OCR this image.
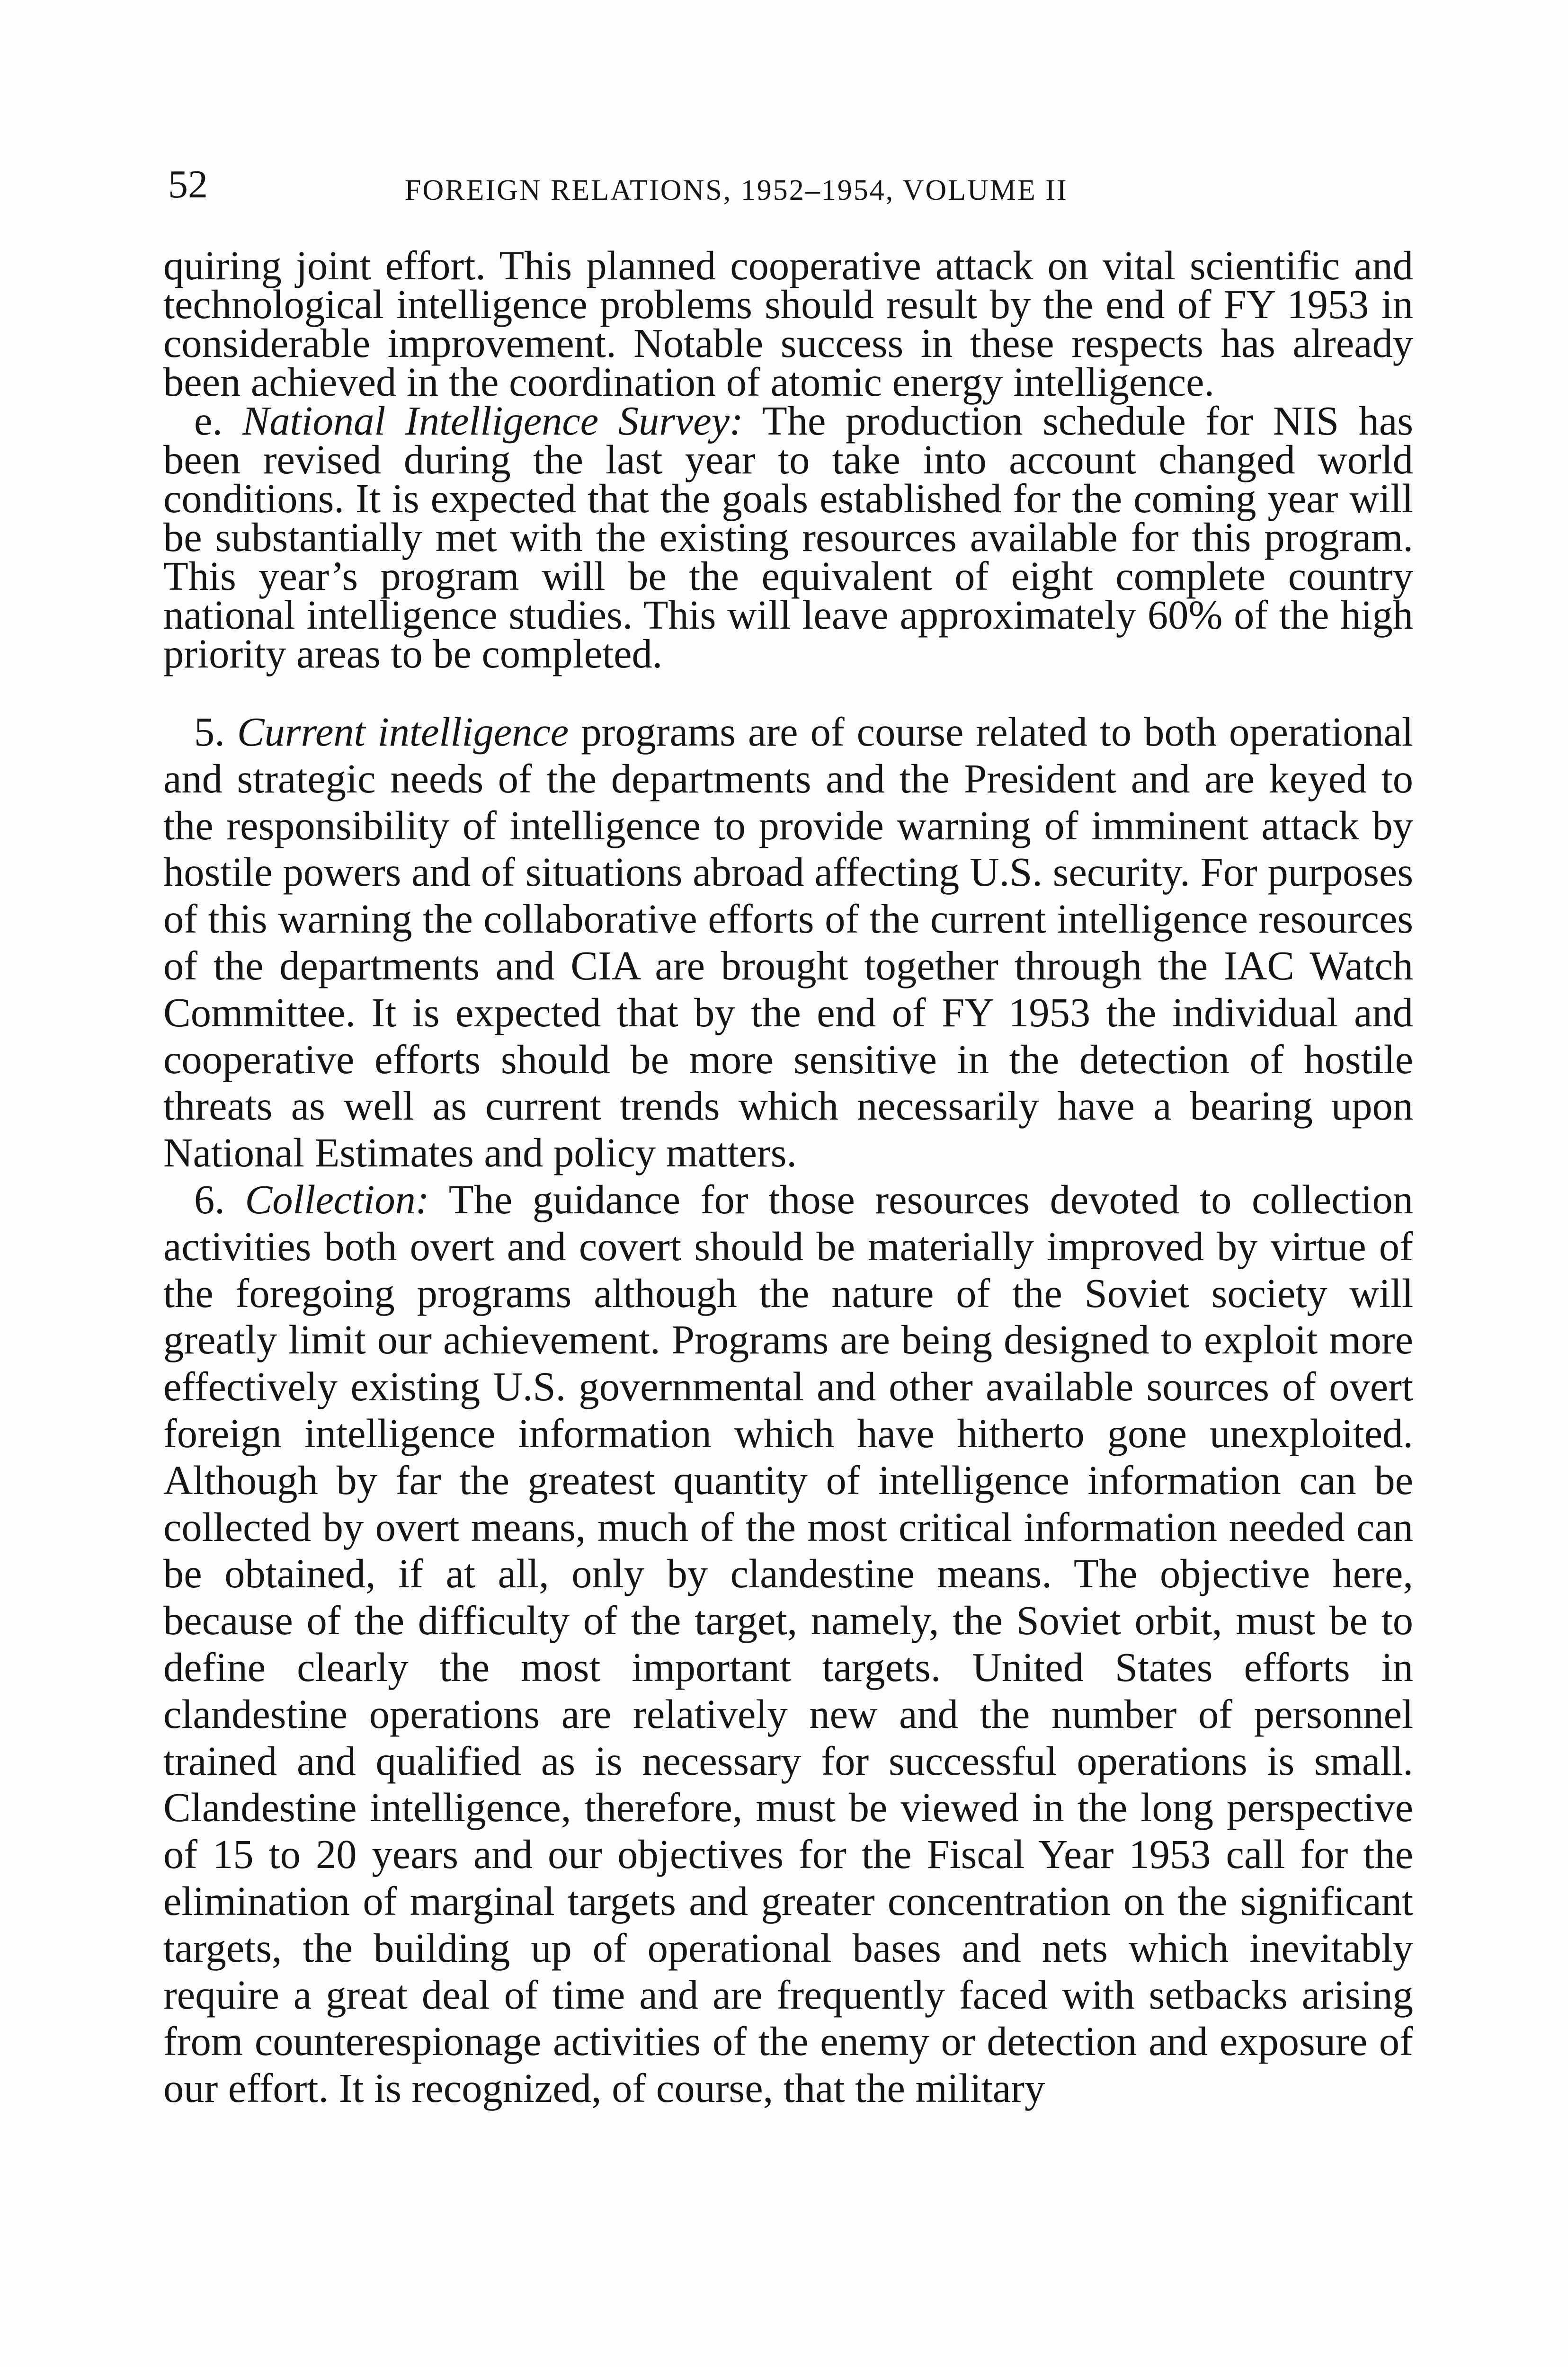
52	FOREIGN RELATIONS, 1952–1954, VOLUME II

quiring joint effort. This planned cooperative attack on vital scientific and technological intelligence problems should result by the end of FY 1953 in considerable improvement. Notable success in these respects has already been achieved in the coordination of atomic energy intelligence.

e. National Intelligence Survey: The production schedule for NIS has been revised during the last year to take into account changed world conditions. It is expected that the goals established for the coming year will be substantially met with the existing resources available for this program. This year’s program will be the equivalent of eight complete country national intelligence studies. This will leave approximately 60% of the high priority areas to be completed.

5. Current intelligence programs are of course related to both operational and strategic needs of the departments and the President and are keyed to the responsibility of intelligence to provide warning of imminent attack by hostile powers and of situations abroad affecting U.S. security. For purposes of this warning the collaborative efforts of the current intelligence resources of the departments and CIA are brought together through the IAC Watch Committee. It is expected that by the end of FY 1953 the individual and cooperative efforts should be more sensitive in the detection of hostile threats as well as current trends which necessarily have a bearing upon National Estimates and policy matters.

6. Collection: The guidance for those resources devoted to collection activities both overt and covert should be materially improved by virtue of the foregoing programs although the nature of the Soviet society will greatly limit our achievement. Programs are being designed to exploit more effectively existing U.S. governmental and other available sources of overt foreign intelligence information which have hitherto gone unexploited. Although by far the greatest quantity of intelligence information can be collected by overt means, much of the most critical information needed can be obtained, if at all, only by clandestine means. The objective here, because of the difficulty of the target, namely, the Soviet orbit, must be to define clearly the most important targets. United States efforts in clandestine operations are relatively new and the number of personnel trained and qualified as is necessary for successful operations is small. Clandestine intelligence, therefore, must be viewed in the long perspective of 15 to 20 years and our objectives for the Fiscal Year 1953 call for the elimination of marginal targets and greater concentration on the significant targets, the building up of operational bases and nets which inevitably require a great deal of time and are frequently faced with setbacks arising from counterespionage activities of the enemy or detection and exposure of our effort. It is recognized, of course, that the military
